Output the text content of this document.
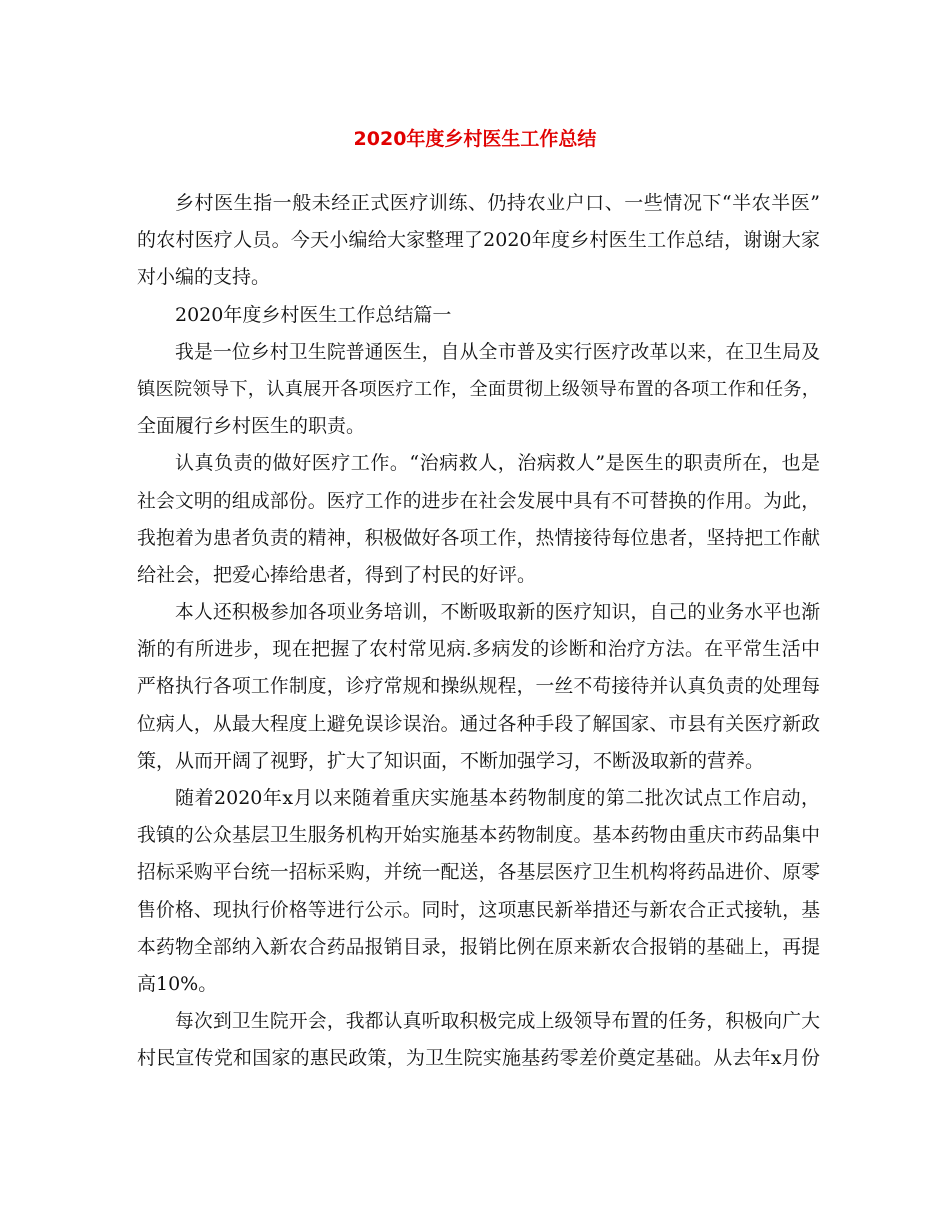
2020年度乡村医生工作总结
乡村医生指一般未经正式医疗训练、仍持农业户口、一些情况下“半农半医”
的农村医疗人员。今天小编给大家整理了2020年度乡村医生工作总结，谢谢大家
对小编的支持。
2020年度乡村医生工作总结篇一
我是一位乡村卫生院普通医生，自从全市普及实行医疗改革以来，在卫生局及
镇医院领导下，认真展开各项医疗工作，全面贯彻上级领导布置的各项工作和任务，
全面履行乡村医生的职责。
认真负责的做好医疗工作。“治病救人，治病救人”是医生的职责所在，也是
社会文明的组成部份。医疗工作的进步在社会发展中具有不可替换的作用。为此，
我抱着为患者负责的精神，积极做好各项工作，热情接待每位患者，坚持把工作献
给社会，把爱心捧给患者，得到了村民的好评。
本人还积极参加各项业务培训，不断吸取新的医疗知识，自己的业务水平也渐
渐的有所进步，现在把握了农村常见病.多病发的诊断和治疗方法。在平常生活中
严格执行各项工作制度，诊疗常规和操纵规程，一丝不苟接待并认真负责的处理每
位病人，从最大程度上避免误诊误治。通过各种手段了解国家、市县有关医疗新政
策，从而开阔了视野，扩大了知识面，不断加强学习，不断汲取新的营养。
随着2020年x月以来随着重庆实施基本药物制度的第二批次试点工作启动，
我镇的公众基层卫生服务机构开始实施基本药物制度。基本药物由重庆市药品集中
招标采购平台统一招标采购，并统一配送，各基层医疗卫生机构将药品进价、原零
售价格、现执行价格等进行公示。同时，这项惠民新举措还与新农合正式接轨，基
本药物全部纳入新农合药品报销目录，报销比例在原来新农合报销的基础上，再提
高10%。
每次到卫生院开会，我都认真听取积极完成上级领导布置的任务，积极向广大
村民宣传党和国家的惠民政策，为卫生院实施基药零差价奠定基础。从去年x月份
